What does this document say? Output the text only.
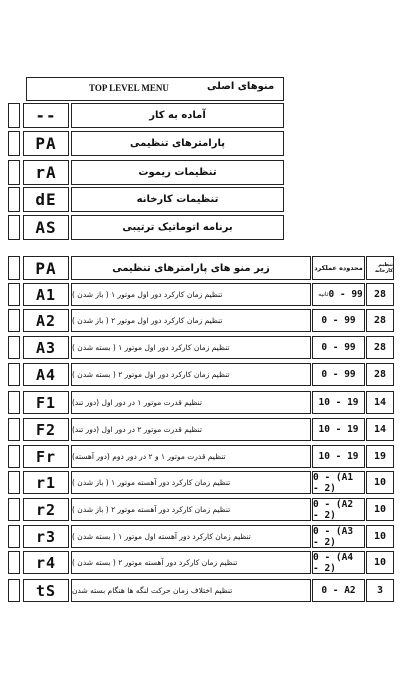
TOP LEVEL MENU	منوهای اصلی
--	آماده به کار
PA	پارامترهای تنظیمی
rA	تنظیمات ریموت
dE	تنظیمات کارخانه
AS	برنامه اتوماتیک ترتیبی
PA	زیر منو های پارامترهای تنظیمی	محدوده عملکرد	تنظیم کارخانه
A1	تنظیم زمان کارکرد دور اول موتور ۱ ( باز شدن )	ثانیه 0 - 99	28
A2	تنظیم زمان کارکرد دور اول موتور ۲ ( باز شدن )	0 - 99	28
A3	تنظیم زمان کارکرد دور اول موتور ۱ ( بسته شدن )	0 - 99	28
A4	تنظیم زمان کارکرد دور اول موتور ۲ ( بسته شدن )	0 - 99	28
F1	تنظیم قدرت موتور ۱ در دور اول (دور تند)	10 - 19	14
F2	تنظیم قدرت موتور ۲ در دور اول (دور تند)	10 - 19	14
Fr	تنظیم قدرت موتور ۱ و ۲ در دور دوم (دور آهسته)	10 - 19	19
r1	تنظیم زمان کارکرد دور آهسته موتور ۱ ( باز شدن )	0 - (A1 - 2)	10
r2	تنظیم زمان کارکرد دور آهسته موتور ۲ ( باز شدن )	0 - (A2 - 2)	10
r3	تنظیم زمان کارکرد دور آهسته اول موتور ۱ ( بسته شدن )	0 - (A3 - 2)	10
r4	تنظیم زمان کارکرد دور آهسته موتور ۲ ( بسته شدن )	0 - (A4 - 2)	10
tS	تنظیم اختلاف زمان حرکت لنگه ها هنگام بسته شدن	0 - A2	3
